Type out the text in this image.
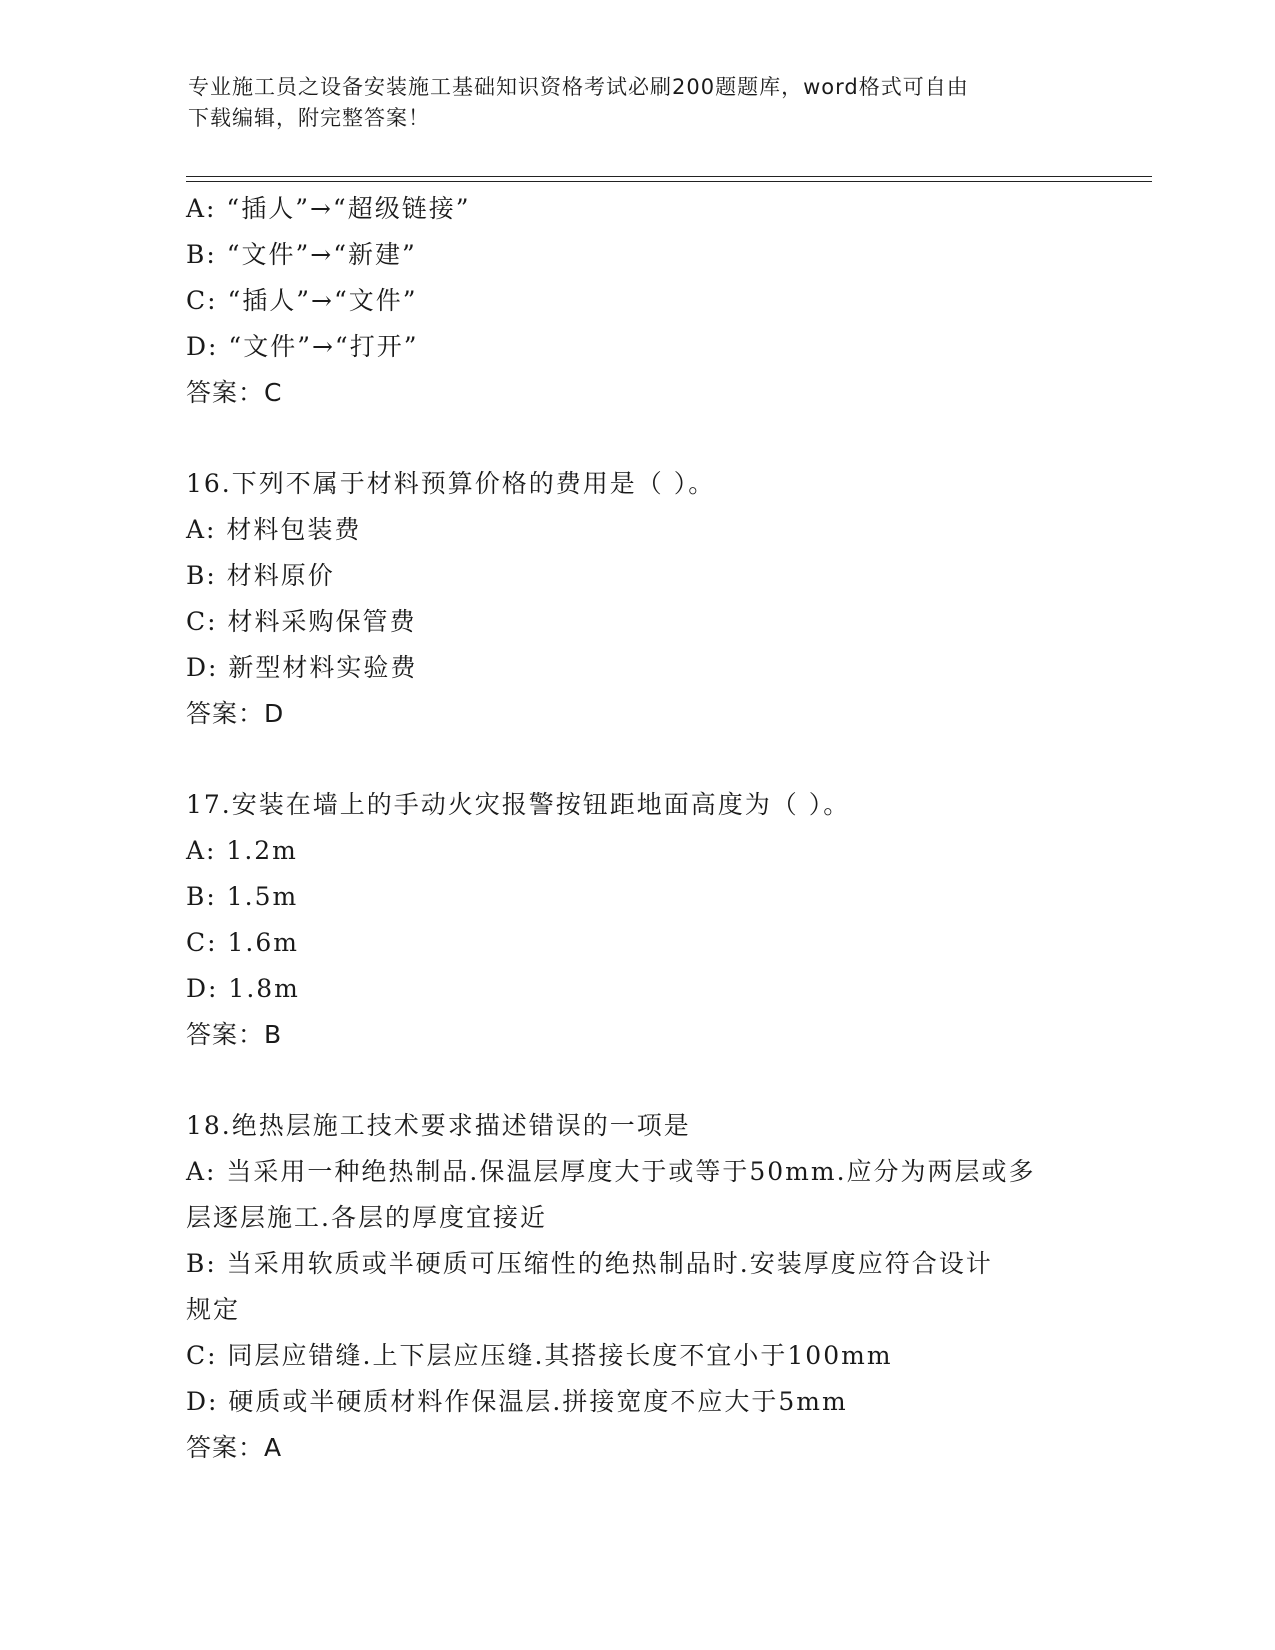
专业施工员之设备安装施工基础知识资格考试必刷200题题库，word格式可自由
下载编辑，附完整答案！
A: “插人”→“超级链接”
B: “文件”→“新建”
C: “插人”→“文件”
D: “文件”→“打开”
答案：C
16.下列不属于材料预算价格的费用是（ ）。
A: 材料包装费
B: 材料原价
C: 材料采购保管费
D: 新型材料实验费
答案：D
17.安装在墙上的手动火灾报警按钮距地面高度为（ ）。
A: 1.2m
B: 1.5m
C: 1.6m
D: 1.8m
答案：B
18.绝热层施工技术要求描述错误的一项是
A: 当采用一种绝热制品.保温层厚度大于或等于50mm.应分为两层或多
层逐层施工.各层的厚度宜接近
B: 当采用软质或半硬质可压缩性的绝热制品时.安装厚度应符合设计
规定
C: 同层应错缝.上下层应压缝.其搭接长度不宜小于100mm
D: 硬质或半硬质材料作保温层.拼接宽度不应大于5mm
答案：A
